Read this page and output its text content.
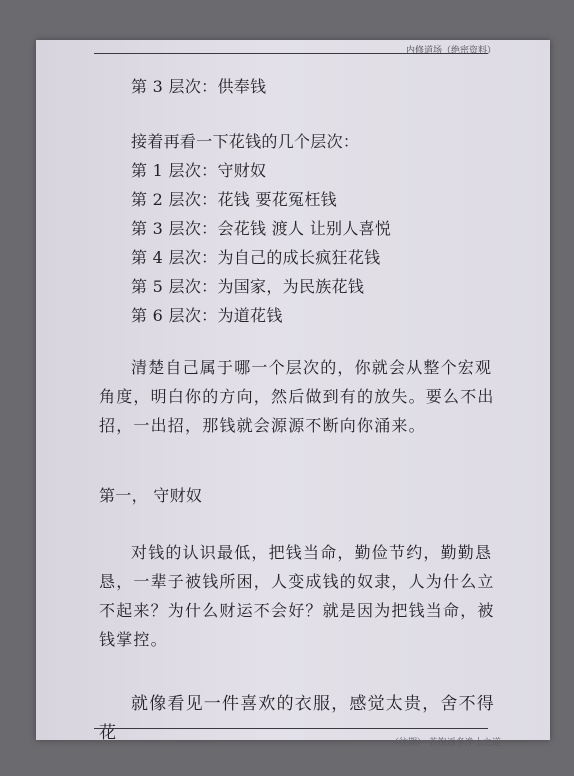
内修道场（绝密资料）
第 3 层次：供奉钱
接着再看一下花钱的几个层次：
第 1 层次：守财奴
第 2 层次：花钱 要花冤枉钱
第 3 层次：会花钱 渡人 让别人喜悦
第 4 层次：为自己的成长疯狂花钱
第 5 层次：为国家，为民族花钱
第 6 层次：为道花钱
清楚自己属于哪一个层次的，你就会从整个宏观角度，明白你的方向，然后做到有的放失。要么不出招，一出招，那钱就会源源不断向你涌来。
第一， 守财奴
对钱的认识最低，把钱当命，勤俭节约，勤勤恳恳，一辈子被钱所困，人变成钱的奴隶，人为什么立不起来？为什么财运不会好？就是因为把钱当命，被钱掌控。
就像看见一件喜欢的衣服，感觉太贵，舍不得花	（往期） 若饱返多净土之道
